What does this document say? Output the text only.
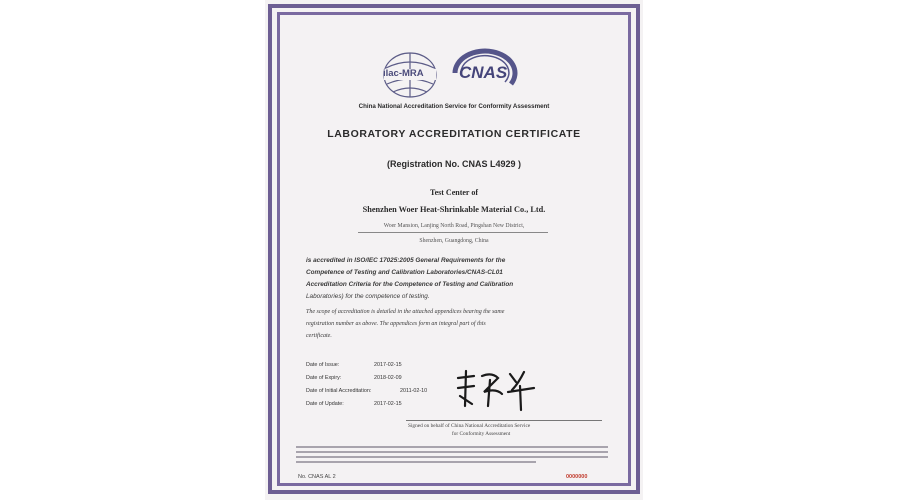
ilac-MRA CNAS
China National Accreditation Service for Conformity Assessment
LABORATORY ACCREDITATION CERTIFICATE
(Registration No. CNAS L4929 )
Test Center of
Shenzhen Woer Heat-Shrinkable Material Co., Ltd.
Woer Mansion, Lanjing North Road, Pingshan New District,
Shenzhen, Guangdong, China
is accredited in ISO/IEC 17025:2005 General Requirements for the
Competence of Testing and Calibration Laboratories/CNAS-CL01
Accreditation Criteria for the Competence of Testing and Calibration
Laboratories) for the competence of testing.
The scope of accreditation is detailed in the attached appendices bearing the same
registration number as above. The appendices form an integral part of this
certificate.
Date of Issue:	2017-02-15
Date of Expiry:	2018-02-09
Date of Initial Accreditation:	2011-02-10
Date of Update:	2017-02-15
Signed on behalf of China National Accreditation Service
for Conformity Assessment
No. CNAS AL 2	0000000
